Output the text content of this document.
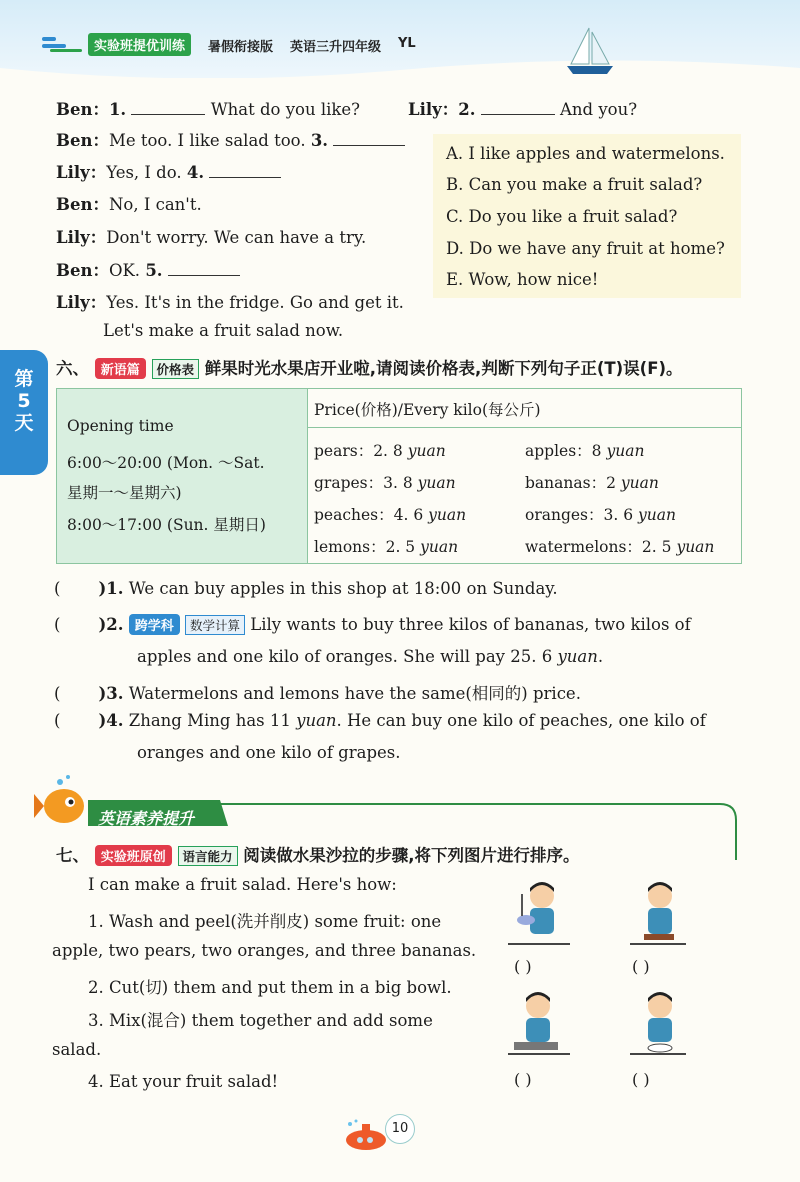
实验班提优训练	暑假衔接版 英语三升四年级 YL
Ben：1.	What do you like?	Lily：2.	And you?
Ben：Me too. I like salad too. 3.
Lily：Yes, I do. 4.
Ben：No, I can't.
Lily：Don't worry. We can have a try.
Ben：OK. 5.
Lily：Yes. It's in the fridge. Go and get it.
Let's make a fruit salad now.
A. I like apples and watermelons.
B. Can you make a fruit salad?
C. Do you like a fruit salad?
D. Do we have any fruit at home?
E. Wow, how nice!
第
5
天
六、 新语篇 价格表 鲜果时光水果店开业啦,请阅读价格表,判断下列句子正(T)误(F)。
Opening time
6:00～20:00 (Mon. ～Sat.
星期一～星期六)
8:00～17:00 (Sun. 星期日)
Price(价格)/Every kilo(每公斤)
pears：2. 8 yuan	apples：8 yuan
grapes：3. 8 yuan	bananas：2 yuan
peaches：4. 6 yuan	oranges：3. 6 yuan
lemons：2. 5 yuan	watermelons：2. 5 yuan
( )1. We can buy apples in this shop at 18:00 on Sunday.
( )2. 跨学科 数学计算 Lily wants to buy three kilos of bananas, two kilos of
apples and one kilo of oranges. She will pay 25. 6 yuan.
( )3. Watermelons and lemons have the same(相同的) price.
( )4. Zhang Ming has 11 yuan. He can buy one kilo of peaches, one kilo of
oranges and one kilo of grapes.
英语素养提升
七、 实验班原创 语言能力 阅读做水果沙拉的步骤,将下列图片进行排序。
I can make a fruit salad. Here's how:
1. Wash and peel(洗并削皮) some fruit: one
apple, two pears, two oranges, and three bananas.
2. Cut(切) them and put them in a big bowl.
3. Mix(混合) them together and add some
salad.
4. Eat your fruit salad!
( )	( )
( )	( )
10
